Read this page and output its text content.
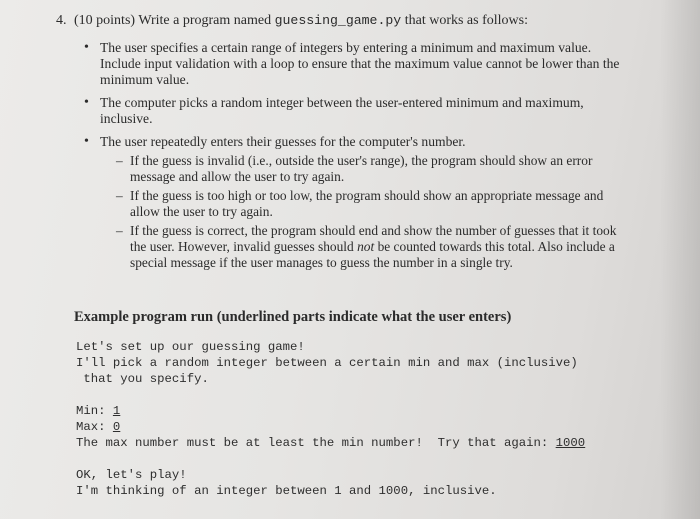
4. (10 points) Write a program named guessing_game.py that works as follows:
• The user specifies a certain range of integers by entering a minimum and maximum value. Include input validation with a loop to ensure that the maximum value cannot be lower than the minimum value.
• The computer picks a random integer between the user-entered minimum and maximum, inclusive.
• The user repeatedly enters their guesses for the computer's number.
– If the guess is invalid (i.e., outside the user's range), the program should show an error message and allow the user to try again.
– If the guess is too high or too low, the program should show an appropriate message and allow the user to try again.
– If the guess is correct, the program should end and show the number of guesses that it took the user. However, invalid guesses should not be counted towards this total. Also include a special message if the user manages to guess the number in a single try.
Example program run (underlined parts indicate what the user enters)
Let's set up our guessing game!
I'll pick a random integer between a certain min and max (inclusive)
that you specify.
Min: 1
Max: 0
The max number must be at least the min number!  Try that again: 1000
OK, let's play!
I'm thinking of an integer between 1 and 1000, inclusive.
